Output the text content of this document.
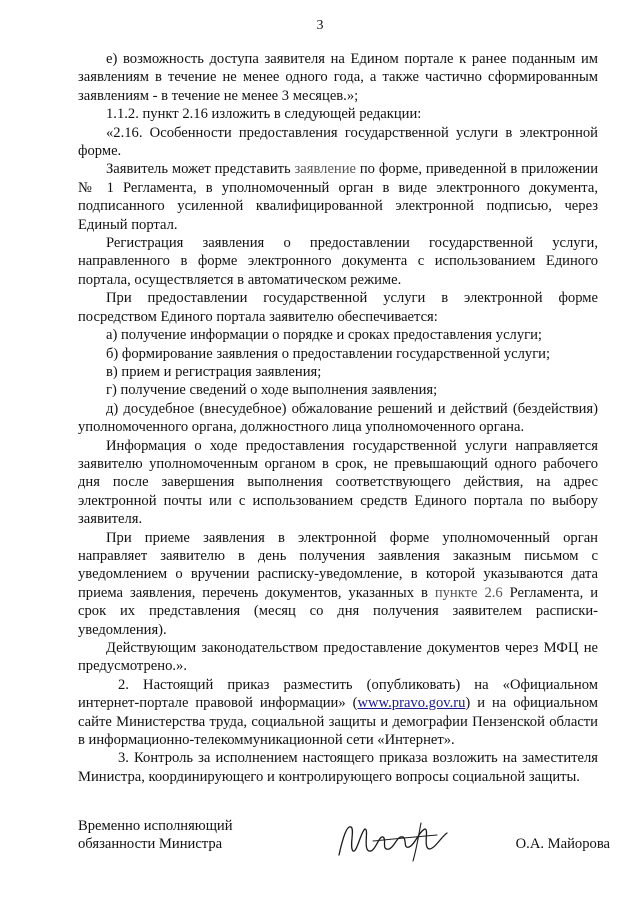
3

е) возможность доступа заявителя на Едином портале к ранее поданным им заявлениям в течение не менее одного года, а также частично сформированным заявлениям - в течение не менее 3 месяцев.»;

1.1.2. пункт 2.16 изложить в следующей редакции:

«2.16. Особенности предоставления государственной услуги в электронной форме.

Заявитель может представить заявление по форме, приведенной в приложении № 1 Регламента, в уполномоченный орган в виде электронного документа, подписанного усиленной квалифицированной электронной подписью, через Единый портал.

Регистрация заявления о предоставлении государственной услуги, направленного в форме электронного документа с использованием Единого портала, осуществляется в автоматическом режиме.

При предоставлении государственной услуги в электронной форме посредством Единого портала заявителю обеспечивается:

а) получение информации о порядке и сроках предоставления услуги;

б) формирование заявления о предоставлении государственной услуги;

в) прием и регистрация заявления;

г) получение сведений о ходе выполнения заявления;

д) досудебное (внесудебное) обжалование решений и действий (бездействия) уполномоченного органа, должностного лица уполномоченного органа.

Информация о ходе предоставления государственной услуги направляется заявителю уполномоченным органом в срок, не превышающий одного рабочего дня после завершения выполнения соответствующего действия, на адрес электронной почты или с использованием средств Единого портала по выбору заявителя.

При приеме заявления в электронной форме уполномоченный орган направляет заявителю в день получения заявления заказным письмом с уведомлением о вручении расписку-уведомление, в которой указываются дата приема заявления, перечень документов, указанных в пункте 2.6 Регламента, и срок их представления (месяц со дня получения заявителем расписки-уведомления).

Действующим законодательством предоставление документов через МФЦ не предусмотрено.».

2. Настоящий приказ разместить (опубликовать) на «Официальном интернет-портале правовой информации» (www.pravo.gov.ru) и на официальном сайте Министерства труда, социальной защиты и демографии Пензенской области в информационно-телекоммуникационной сети «Интернет».

3. Контроль за исполнением настоящего приказа возложить на заместителя Министра, координирующего и контролирующего вопросы социальной защиты.

Временно исполняющий
обязанности Министра	О.А. Майорова
